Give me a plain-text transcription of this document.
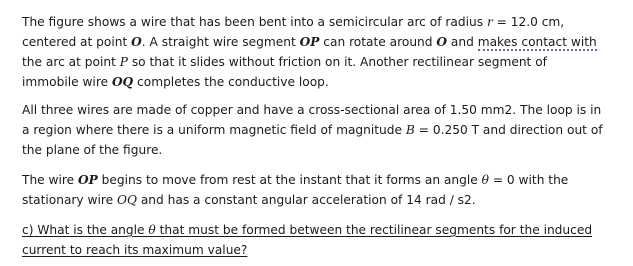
The figure shows a wire that has been bent into a semicircular arc of radius r = 12.0 cm,
centered at point O. A straight wire segment OP can rotate around O and makes contact with
the arc at point P so that it slides without friction on it. Another rectilinear segment of
immobile wire OQ completes the conductive loop.

All three wires are made of copper and have a cross-sectional area of 1.50 mm2. The loop is in
a region where there is a uniform magnetic field of magnitude B = 0.250 T and direction out of
the plane of the figure.

The wire OP begins to move from rest at the instant that it forms an angle θ = 0 with the
stationary wire OQ and has a constant angular acceleration of 14 rad / s2.

c) What is the angle θ that must be formed between the rectilinear segments for the induced
current to reach its maximum value?
